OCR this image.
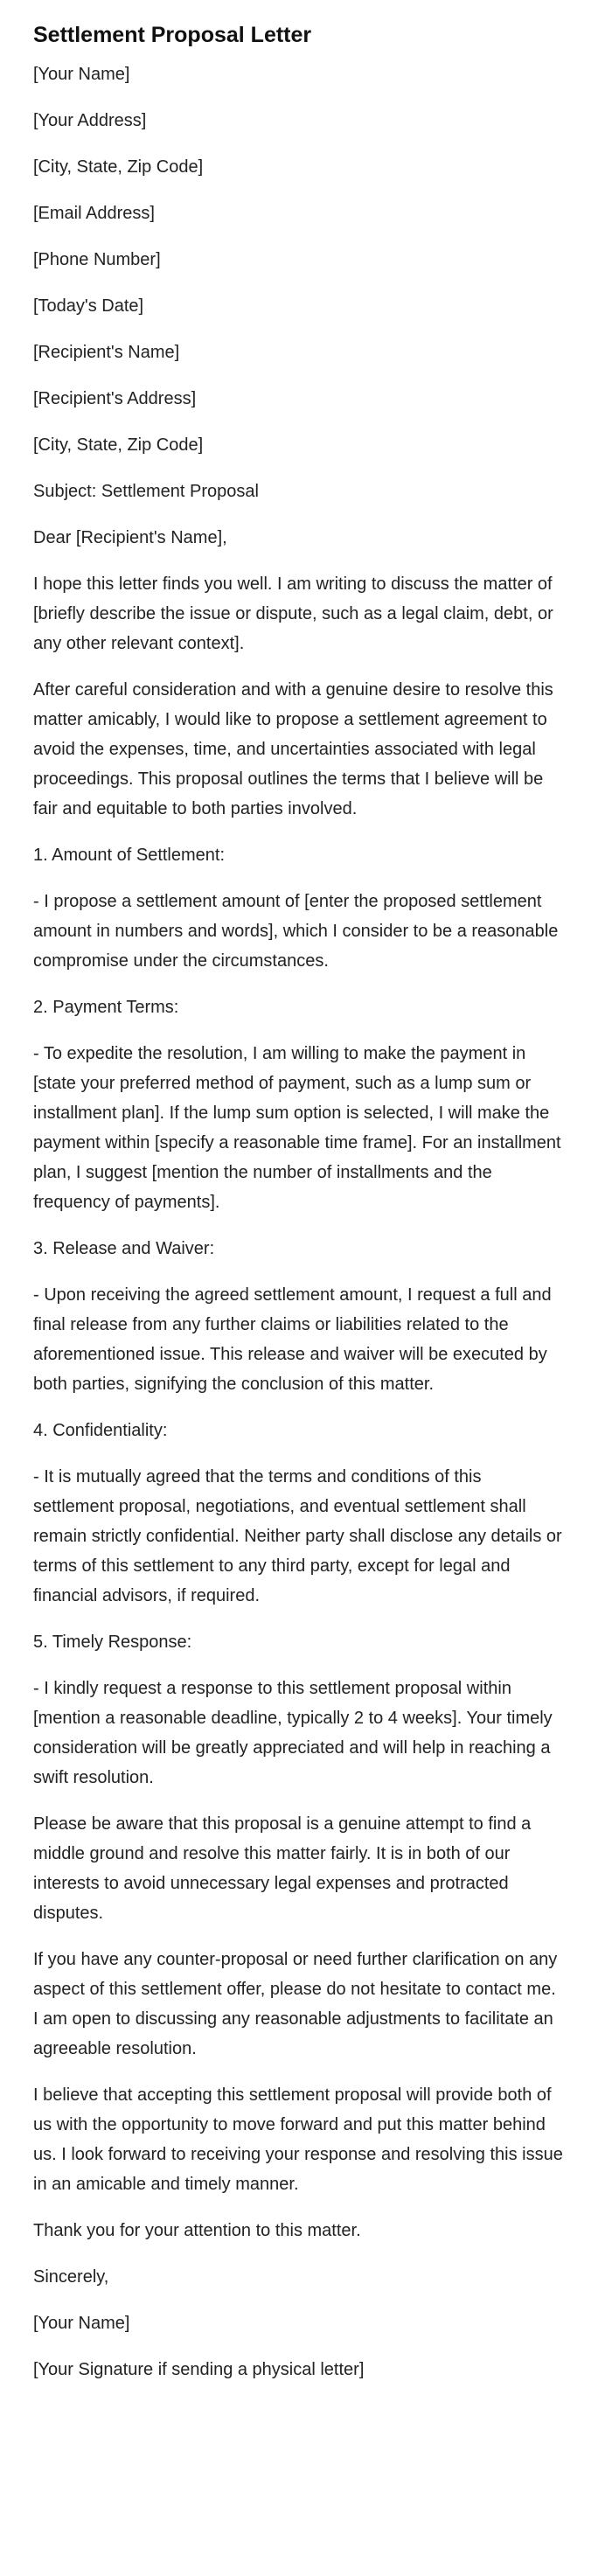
Settlement Proposal Letter

[Your Name]

[Your Address]

[City, State, Zip Code]

[Email Address]

[Phone Number]

[Today's Date]

[Recipient's Name]

[Recipient's Address]

[City, State, Zip Code]

Subject: Settlement Proposal

Dear [Recipient's Name],

I hope this letter finds you well. I am writing to discuss the matter of [briefly describe the issue or dispute, such as a legal claim, debt, or any other relevant context].

After careful consideration and with a genuine desire to resolve this matter amicably, I would like to propose a settlement agreement to avoid the expenses, time, and uncertainties associated with legal proceedings. This proposal outlines the terms that I believe will be fair and equitable to both parties involved.

1. Amount of Settlement:

- I propose a settlement amount of [enter the proposed settlement amount in numbers and words], which I consider to be a reasonable compromise under the circumstances.

2. Payment Terms:

- To expedite the resolution, I am willing to make the payment in [state your preferred method of payment, such as a lump sum or installment plan]. If the lump sum option is selected, I will make the payment within [specify a reasonable time frame]. For an installment plan, I suggest [mention the number of installments and the frequency of payments].

3. Release and Waiver:

- Upon receiving the agreed settlement amount, I request a full and final release from any further claims or liabilities related to the aforementioned issue. This release and waiver will be executed by both parties, signifying the conclusion of this matter.

4. Confidentiality:

- It is mutually agreed that the terms and conditions of this settlement proposal, negotiations, and eventual settlement shall remain strictly confidential. Neither party shall disclose any details or terms of this settlement to any third party, except for legal and financial advisors, if required.

5. Timely Response:

- I kindly request a response to this settlement proposal within [mention a reasonable deadline, typically 2 to 4 weeks]. Your timely consideration will be greatly appreciated and will help in reaching a swift resolution.

Please be aware that this proposal is a genuine attempt to find a middle ground and resolve this matter fairly. It is in both of our interests to avoid unnecessary legal expenses and protracted disputes.

If you have any counter-proposal or need further clarification on any aspect of this settlement offer, please do not hesitate to contact me. I am open to discussing any reasonable adjustments to facilitate an agreeable resolution.

I believe that accepting this settlement proposal will provide both of us with the opportunity to move forward and put this matter behind us. I look forward to receiving your response and resolving this issue in an amicable and timely manner.

Thank you for your attention to this matter.

Sincerely,

[Your Name]

[Your Signature if sending a physical letter]
